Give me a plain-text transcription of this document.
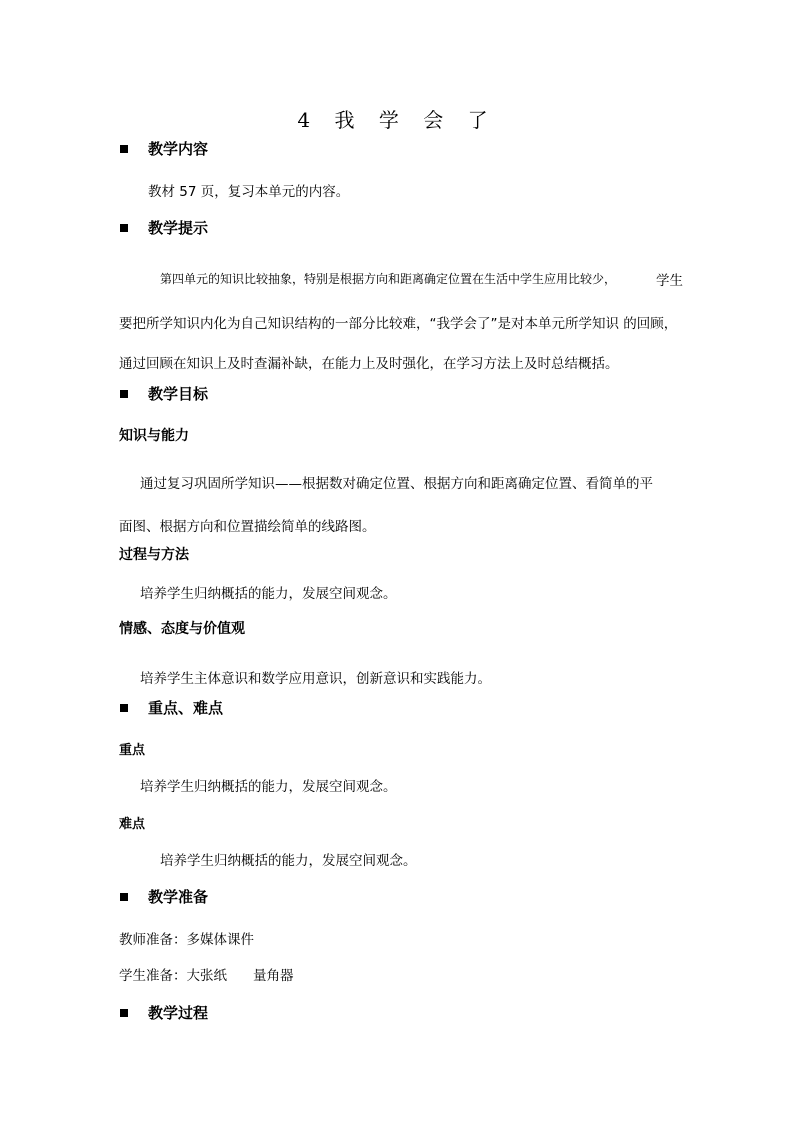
4 我 学 会 了
教学内容
教材 57 页，复习本单元的内容。
教学提示
第四单元的知识比较抽象，特别是根据方向和距离确定位置在生活中学生应用比较少，	学生
要把所学知识内化为自己知识结构的一部分比较难，“我学会了”是对本单元所学知识 的回顾，
通过回顾在知识上及时查漏补缺，在能力上及时强化，在学习方法上及时总结概括。
教学目标
知识与能力
通过复习巩固所学知识——根据数对确定位置、根据方向和距离确定位置、看简单的平
面图、根据方向和位置描绘简单的线路图。
过程与方法
培养学生归纳概括的能力，发展空间观念。
情感、态度与价值观
培养学生主体意识和数学应用意识，创新意识和实践能力。
重点、难点
重点
培养学生归纳概括的能力，发展空间观念。
难点
培养学生归纳概括的能力，发展空间观念。
教学准备
教师准备：多媒体课件
学生准备：大张纸 量角器
教学过程
